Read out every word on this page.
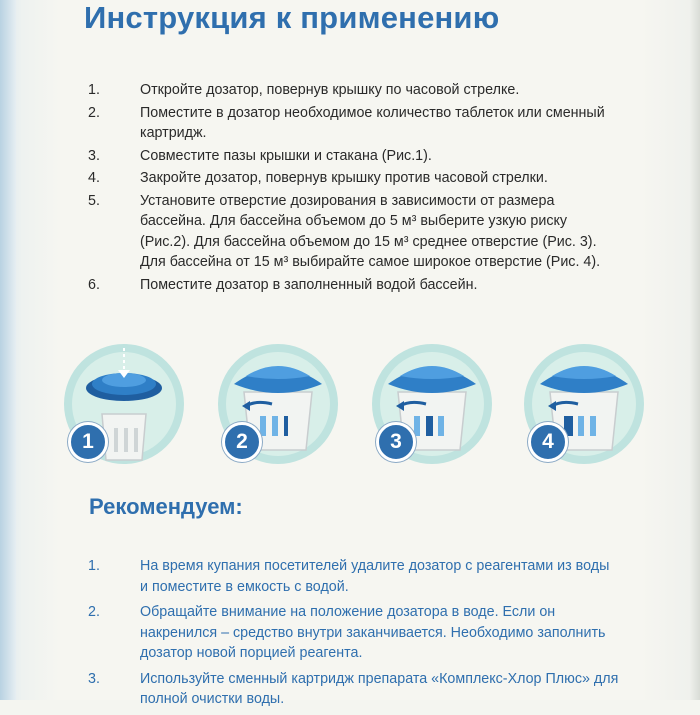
Инструкция к применению
1.	Откройте дозатор, повернув крышку по часовой стрелке.
2.	Поместите в дозатор необходимое количество таблеток или сменный картридж.
3.	Совместите пазы крышки и стакана (Рис.1).
4.	Закройте дозатор, повернув крышку против часовой стрелки.
5.	Установите отверстие дозирования в зависимости от размера бассейна. Для бассейна объемом до 5 м³ выберите узкую риску (Рис.2). Для бассейна объемом до 15 м³ среднее отверстие (Рис. 3). Для бассейна от 15 м³ выбирайте самое широкое отверстие (Рис. 4).
6.	Поместите дозатор в заполненный водой бассейн.
1	2	3	4
Рекомендуем:
1.	На время купания посетителей удалите дозатор с реагентами из воды и поместите в емкость с водой.
2.	Обращайте внимание на положение дозатора в воде. Если он накренился – средство внутри заканчивается. Необходимо заполнить дозатор новой порцией реагента.
3.	Используйте сменный картридж препарата «Комплекс-Хлор Плюс» для полной очистки воды.
